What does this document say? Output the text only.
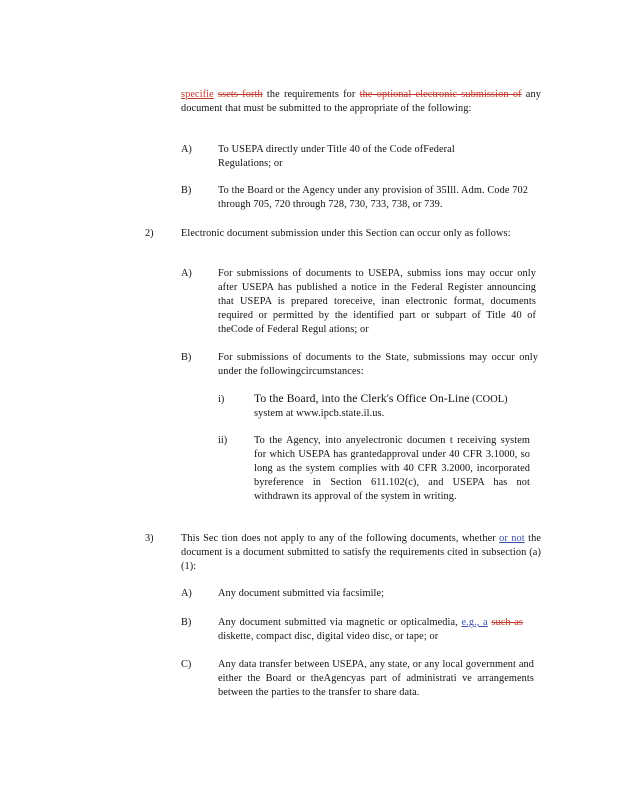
specifie ssets forth the requirements for the optional electronic submission of any document that must be submitted to the appropriate of the following:
A)	To USEPA directly under Title 40 of the Code ofFederal Regulations; or
B)	To the Board or the Agency under any provision of 35Ill. Adm. Code 702 through 705, 720 through 728, 730, 733, 738, or 739.
2)	Electronic document submission under this Section can occur only as follows:
A)	For submissions of documents to USEPA, submiss ions may occur only after USEPA has published a notice in the Federal Register announcing that USEPA is prepared toreceive, inan electronic format, documents required or permitted by the identified part or subpart of Title 40 of theCode of Federal Regul ations; or
B)	For submissions of documents to the State, submissions may occur only under the followingcircumstances:
i)	To the Board, into the Clerk's Office On-Line (COOL) system at www.ipcb.state.il.us.
ii)	To the Agency, into anyelectronic documen t receiving system for which USEPA has grantedapproval under 40 CFR 3.1000, so long as the system complies with 40 CFR 3.2000, incorporated byreference in Section 611.102(c), and USEPA has not withdrawn its approval of the system in writing.
3)	This Sec tion does not apply to any of the following documents, whether or not the document is a document submitted to satisfy the requirements cited in subsection (a)(1):
A)	Any document submitted via facsimile;
B)	Any document submitted via magnetic or opticalmedia, e.g., a such as diskette, compact disc, digital video disc, or tape; or
C)	Any data transfer between USEPA, any state, or any local government and either the Board or theAgencyas part of administrati ve arrangements between the parties to the transfer to share data.
